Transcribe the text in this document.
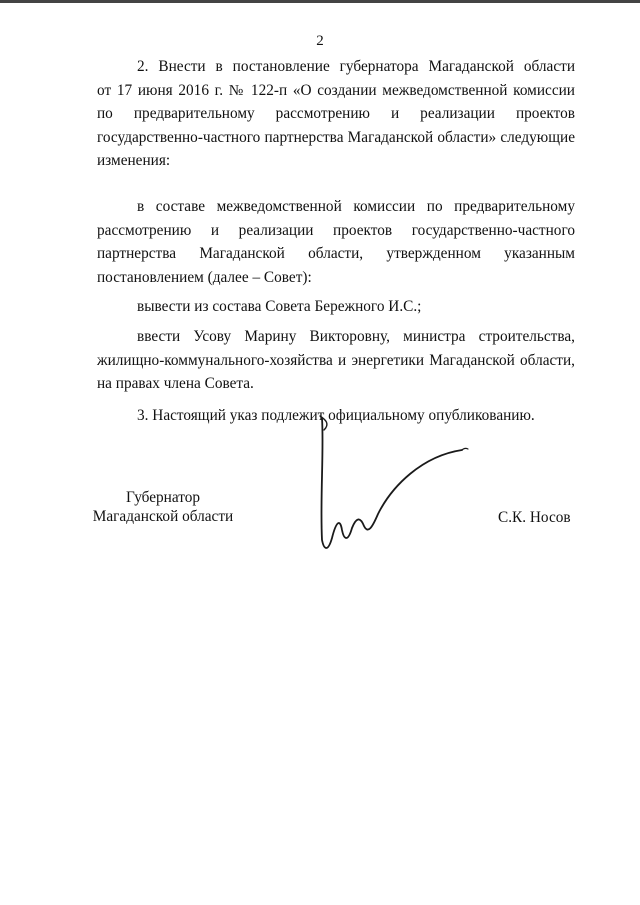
2
2. Внести в постановление губернатора Магаданской области
от 17 июня 2016 г. № 122-п «О создании межведомственной комиссии
по предварительному рассмотрению и реализации проектов
государственно-частного партнерства Магаданской области» следующие
изменения:
в составе межведомственной комиссии по предварительному
рассмотрению и реализации проектов государственно-частного
партнерства Магаданской области, утвержденном указанным
постановлением (далее – Совет):
вывести из состава Совета Бережного И.С.;
ввести Усову Марину Викторовну, министра строительства,
жилищно-коммунального-хозяйства и энергетики Магаданской области,
на правах члена Совета.
3. Настоящий указ подлежит официальному опубликованию.
Губернатор
Магаданской области	С.К. Носов
